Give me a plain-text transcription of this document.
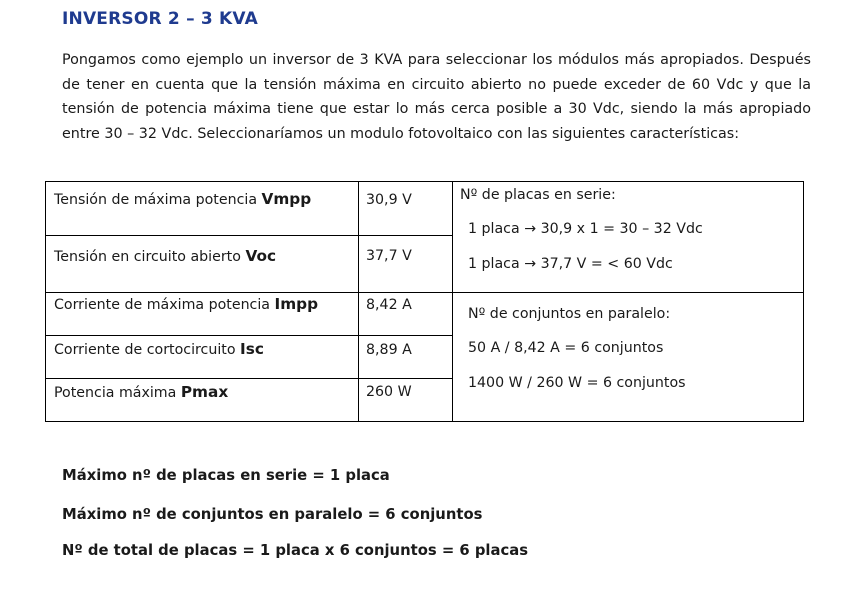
INVERSOR 2 – 3 KVA
Pongamos como ejemplo un inversor de 3 KVA para seleccionar los módulos más apropiados. Después de tener en cuenta que la tensión máxima en circuito abierto no puede exceder de 60 Vdc y que la tensión de potencia máxima tiene que estar lo más cerca posible a 30 Vdc, siendo la más apropiado entre 30 – 32 Vdc. Seleccionaríamos un modulo fotovoltaico con las siguientes características:
Tensión de máxima potencia Vmpp	30,9 V
Tensión en circuito abierto Voc	37,7 V
Corriente de máxima potencia Impp	8,42 A
Corriente de cortocircuito Isc	8,89 A
Potencia máxima Pmax	260 W
Nº de placas en serie:
1 placa → 30,9 x 1 = 30 – 32 Vdc
1 placa → 37,7 V = < 60 Vdc
Nº de conjuntos en paralelo:
50 A / 8,42 A = 6 conjuntos
1400 W / 260 W = 6 conjuntos
Máximo nº de placas en serie = 1 placa
Máximo nº de conjuntos en paralelo = 6 conjuntos
Nº de total de placas = 1 placa x 6 conjuntos = 6 placas
